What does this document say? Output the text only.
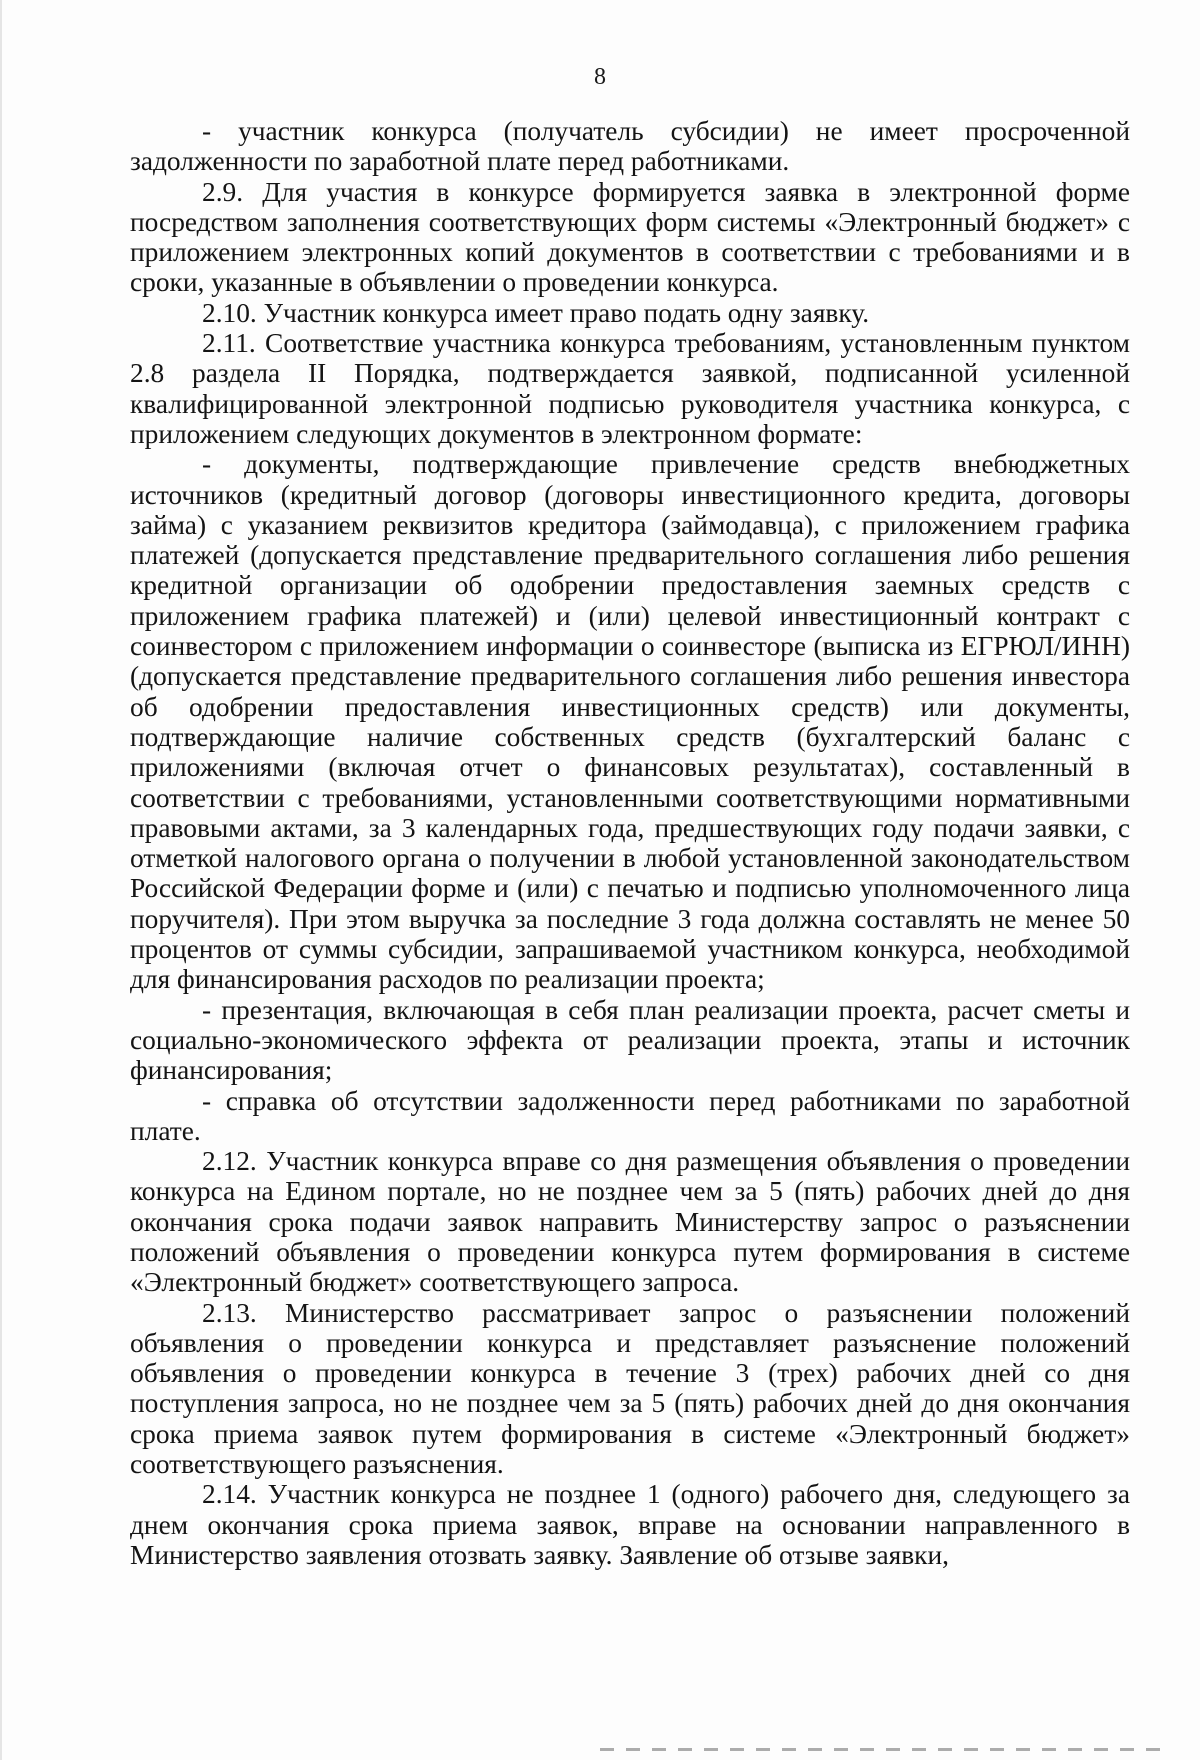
8

- участник конкурса (получатель субсидии) не имеет просроченной задолженности по заработной плате перед работниками.

2.9. Для участия в конкурсе формируется заявка в электронной форме посредством заполнения соответствующих форм системы «Электронный бюджет» с приложением электронных копий документов в соответствии с требованиями и в сроки, указанные в объявлении о проведении конкурса.

2.10. Участник конкурса имеет право подать одну заявку.

2.11. Соответствие участника конкурса требованиям, установленным пунктом 2.8 раздела II Порядка, подтверждается заявкой, подписанной усиленной квалифицированной электронной подписью руководителя участника конкурса, с приложением следующих документов в электронном формате:

- документы, подтверждающие привлечение средств внебюджетных источников (кредитный договор (договоры инвестиционного кредита, договоры займа) с указанием реквизитов кредитора (займодавца), с приложением графика платежей (допускается представление предварительного соглашения либо решения кредитной организации об одобрении предоставления заемных средств с приложением графика платежей) и (или) целевой инвестиционный контракт с соинвестором с приложением информации о соинвесторе (выписка из ЕГРЮЛ/ИНН) (допускается представление предварительного соглашения либо решения инвестора об одобрении предоставления инвестиционных средств) или документы, подтверждающие наличие собственных средств (бухгалтерский баланс с приложениями (включая отчет о финансовых результатах), составленный в соответствии с требованиями, установленными соответствующими нормативными правовыми актами, за 3 календарных года, предшествующих году подачи заявки, с отметкой налогового органа о получении в любой установленной законодательством Российской Федерации форме и (или) с печатью и подписью уполномоченного лица поручителя). При этом выручка за последние 3 года должна составлять не менее 50 процентов от суммы субсидии, запрашиваемой участником конкурса, необходимой для финансирования расходов по реализации проекта;

- презентация, включающая в себя план реализации проекта, расчет сметы и социально-экономического эффекта от реализации проекта, этапы и источник финансирования;

- справка об отсутствии задолженности перед работниками по заработной плате.

2.12. Участник конкурса вправе со дня размещения объявления о проведении конкурса на Едином портале, но не позднее чем за 5 (пять) рабочих дней до дня окончания срока подачи заявок направить Министерству запрос о разъяснении положений объявления о проведении конкурса путем формирования в системе «Электронный бюджет» соответствующего запроса.

2.13. Министерство рассматривает запрос о разъяснении положений объявления о проведении конкурса и представляет разъяснение положений объявления о проведении конкурса в течение 3 (трех) рабочих дней со дня поступления запроса, но не позднее чем за 5 (пять) рабочих дней до дня окончания срока приема заявок путем формирования в системе «Электронный бюджет» соответствующего разъяснения.

2.14. Участник конкурса не позднее 1 (одного) рабочего дня, следующего за днем окончания срока приема заявок, вправе на основании направленного в Министерство заявления отозвать заявку. Заявление об отзыве заявки,
